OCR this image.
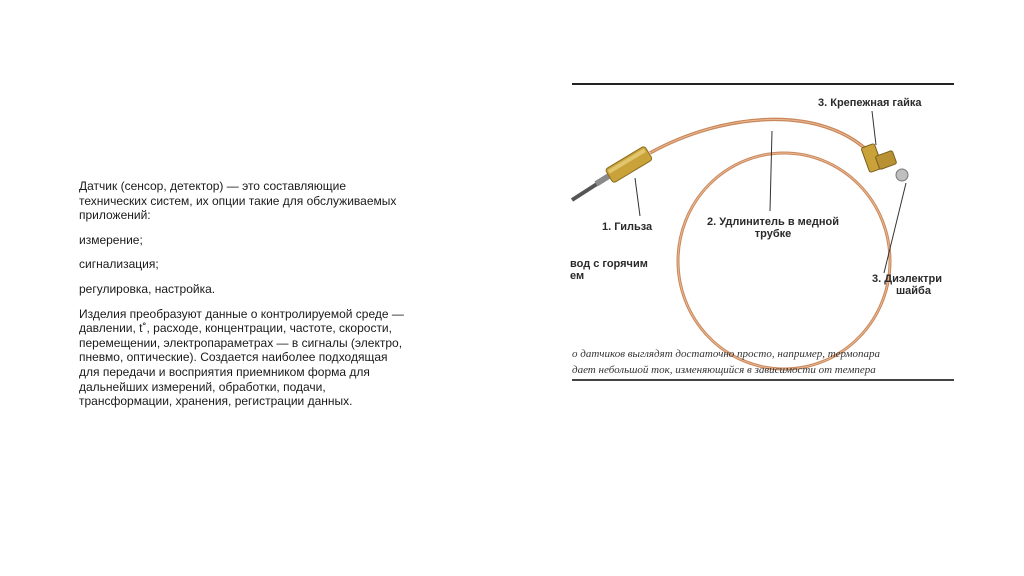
Датчик (сенсор, детектор) — это составляющие технических систем, их опции такие для обслуживаемых приложений:

измерение;

сигнализация;

регулировка, настройка.

Изделия преобразуют данные о контролируемой среде — давлении, t˚, расходе, концентрации, частоте, скорости, перемещении, электропараметрах — в сигналы (электро, пневмо, оптические). Создается наиболее подходящая для передачи и восприятия приемником форма для дальнейших измерений, обработки, подачи, трансформации, хранения, регистрации данных.

3. Крепежная гайка
1. Гильза	2. Удлинитель в медной
трубке
вод с горячим
ем	3. Диэлектри
шайба
о датчиков выглядят достаточно просто, например, термопара
дает небольшой ток, изменяющийся в зависимости от темпера
